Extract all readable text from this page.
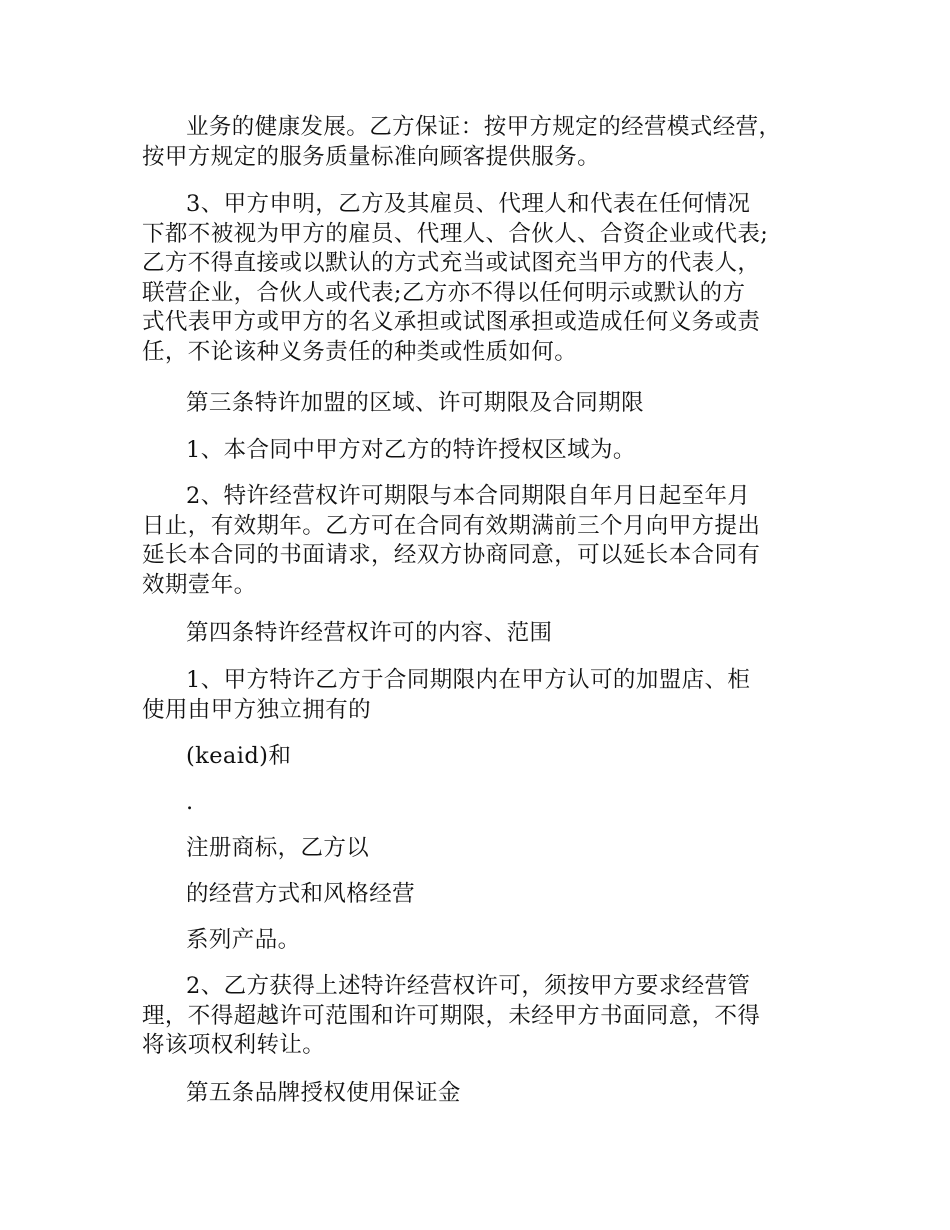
业务的健康发展。乙方保证：按甲方规定的经营模式经营，
按甲方规定的服务质量标准向顾客提供服务。
3、甲方申明，乙方及其雇员、代理人和代表在任何情况
下都不被视为甲方的雇员、代理人、合伙人、合资企业或代表;
乙方不得直接或以默认的方式充当或试图充当甲方的代表人，
联营企业，合伙人或代表;乙方亦不得以任何明示或默认的方
式代表甲方或甲方的名义承担或试图承担或造成任何义务或责
任，不论该种义务责任的种类或性质如何。
第三条特许加盟的区域、许可期限及合同期限
1、本合同中甲方对乙方的特许授权区域为。
2、特许经营权许可期限与本合同期限自年月日起至年月
日止，有效期年。乙方可在合同有效期满前三个月向甲方提出
延长本合同的书面请求，经双方协商同意，可以延长本合同有
效期壹年。
第四条特许经营权许可的内容、范围
1、甲方特许乙方于合同期限内在甲方认可的加盟店、柜
使用由甲方独立拥有的
(keaid)和
.
注册商标，乙方以
的经营方式和风格经营
系列产品。
2、乙方获得上述特许经营权许可，须按甲方要求经营管
理，不得超越许可范围和许可期限，未经甲方书面同意，不得
将该项权利转让。
第五条品牌授权使用保证金
